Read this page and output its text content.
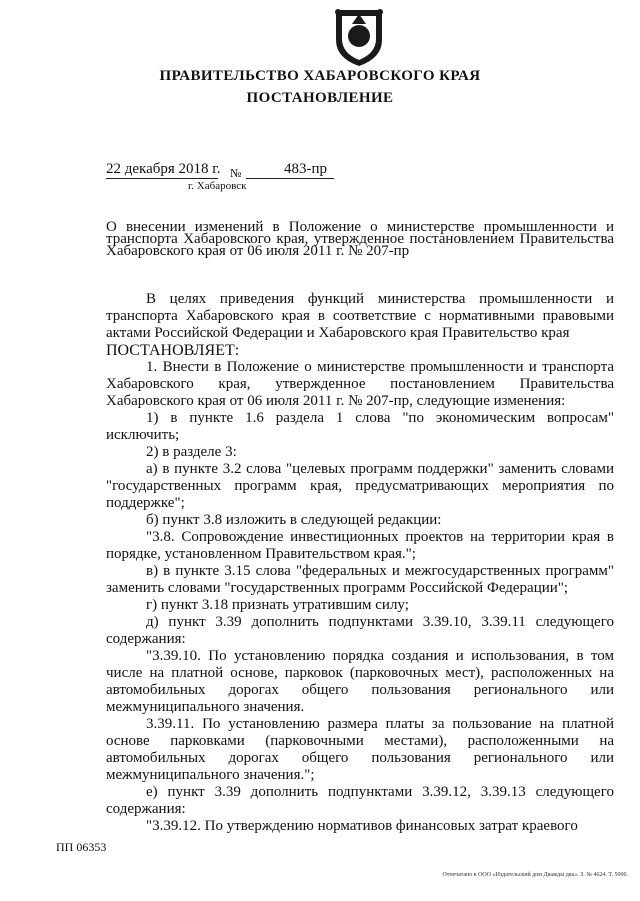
ПРАВИТЕЛЬСТВО ХАБАРОВСКОГО КРАЯ
ПОСТАНОВЛЕНИЕ
22 декабря 2018 г. №	483-пр
г. Хабаровск
О внесении изменений в Положение о министерстве промышленности и транспорта Хабаровского края, утвержденное постановлением Правительства Хабаровского края от 06 июля 2011 г. № 207-пр

В целях приведения функций министерства промышленности и транспорта Хабаровского края в соответствие с нормативными правовыми актами Российской Федерации и Хабаровского края Правительство края

ПОСТАНОВЛЯЕТ:

1. Внести в Положение о министерстве промышленности и транспорта Хабаровского края, утвержденное постановлением Правительства Хабаровского края от 06 июля 2011 г. № 207-пр, следующие изменения:

1) в пункте 1.6 раздела 1 слова "по экономическим вопросам" исключить;

2) в разделе 3:

а) в пункте 3.2 слова "целевых программ поддержки" заменить словами "государственных программ края, предусматривающих мероприятия по поддержке";

б) пункт 3.8 изложить в следующей редакции:

"3.8. Сопровождение инвестиционных проектов на территории края в порядке, установленном Правительством края.";

в) в пункте 3.15 слова "федеральных и межгосударственных программ" заменить словами "государственных программ Российской Федерации";

г) пункт 3.18 признать утратившим силу;

д) пункт 3.39 дополнить подпунктами 3.39.10, 3.39.11 следующего содержания:

"3.39.10. По установлению порядка создания и использования, в том числе на платной основе, парковок (парковочных мест), расположенных на автомобильных дорогах общего пользования регионального или межмуниципального значения.

3.39.11. По установлению размера платы за пользование на платной основе парковками (парковочными местами), расположенными на автомобильных дорогах общего пользования регионального или межмуниципального значения.";

е) пункт 3.39 дополнить подпунктами 3.39.12, 3.39.13 следующего содержания:

"3.39.12. По утверждению нормативов финансовых затрат краевого

ПП 06353
Отпечатано в ООО «Издательский дом Дважды два». З. № 4624. Т. 5000.
